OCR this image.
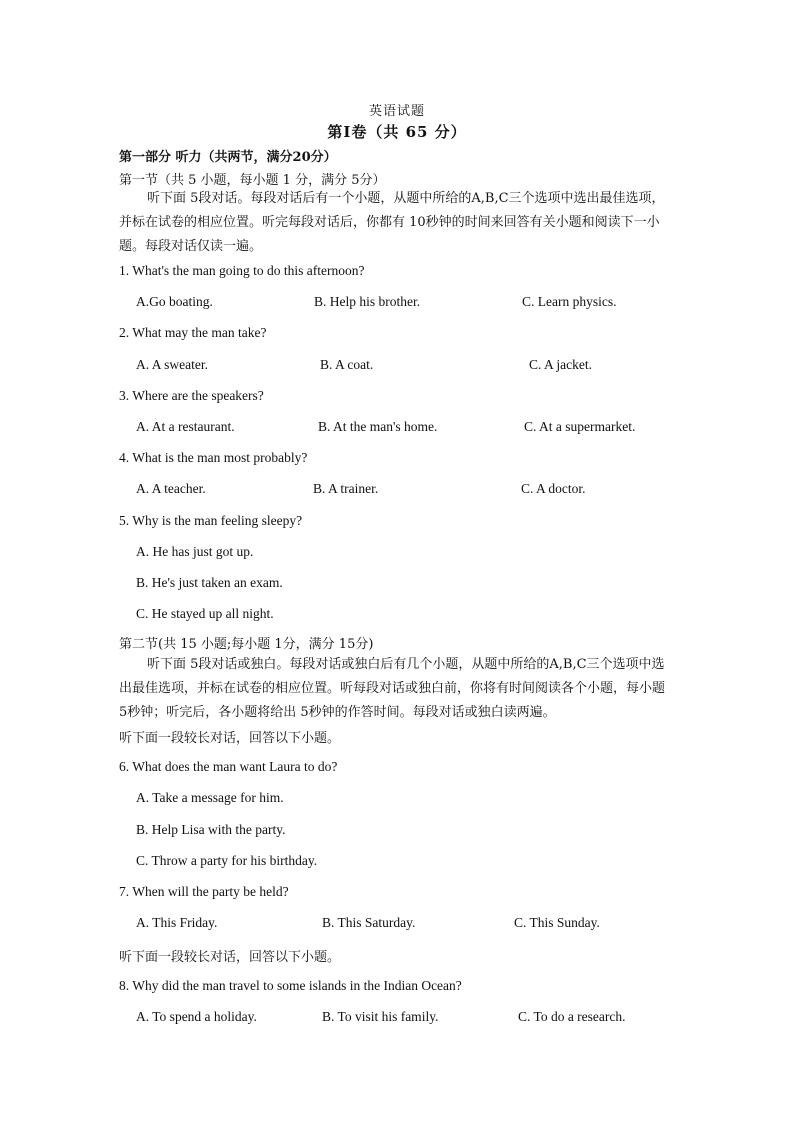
英语试题
第Ⅰ卷（共 65 分）
第一部分 听力（共两节，满分20分）
第一节（共 5 小题，每小题 1 分，满分 5分）

听下面 5段对话。每段对话后有一个小题，从题中所给的A,B,C三个选项中选出最佳选项，并标在试卷的相应位置。听完每段对话后，你都有 10秒钟的时间来回答有关小题和阅读下一小题。每段对话仅读一遍。

1. What's the man going to do this afternoon?
A.Go boating.	B. Help his brother.	C. Learn physics.
2. What may the man take?
A. A sweater.	B. A coat.	C. A jacket.
3. Where are the speakers?
A. At a restaurant.	B. At the man's home.	C. At a supermarket.
4. What is the man most probably?
A. A teacher.	B. A trainer.	C. A doctor.
5. Why is the man feeling sleepy?
A. He has just got up.
B. He's just taken an exam.
C. He stayed up all night.
第二节(共 15 小题;每小题 1分，满分 15分)

听下面 5段对话或独白。每段对话或独白后有几个小题，从题中所给的A,B,C三个选项中选出最佳选项，并标在试卷的相应位置。听每段对话或独白前，你将有时间阅读各个小题，每小题 5秒钟；听完后，各小题将给出 5秒钟的作答时间。每段对话或独白读两遍。

听下面一段较长对话，回答以下小题。
6. What does the man want Laura to do?
A. Take a message for him.
B. Help Lisa with the party.
C. Throw a party for his birthday.
7. When will the party be held?
A. This Friday.	B. This Saturday.	C. This Sunday.
听下面一段较长对话，回答以下小题。
8. Why did the man travel to some islands in the Indian Ocean?
A. To spend a holiday.	B. To visit his family.	C. To do a research.
